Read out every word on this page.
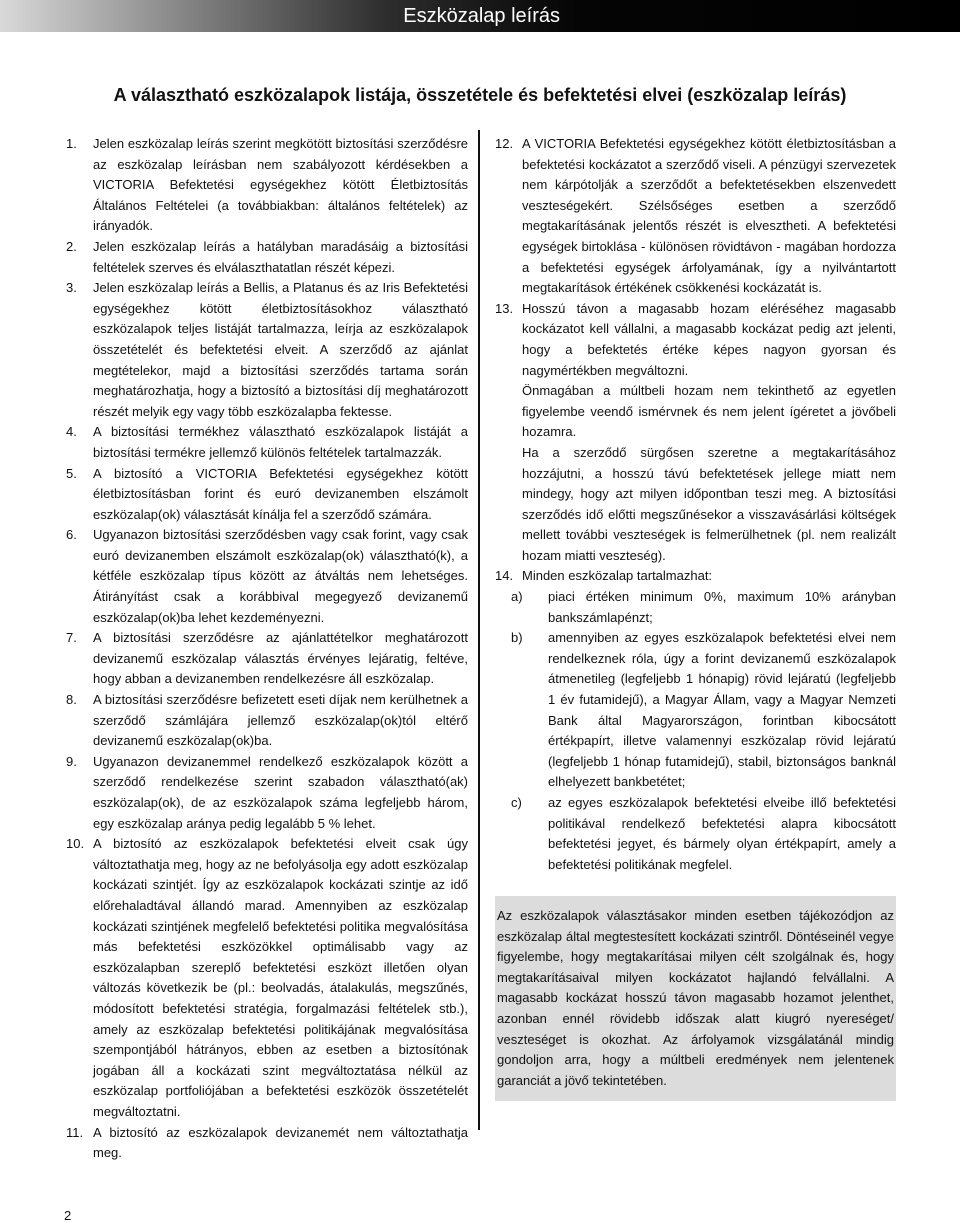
Eszközalap leírás
A választható eszközalapok listája, összetétele és befektetési elvei (eszközalap leírás)
1.	Jelen eszközalap leírás szerint megkötött biztosítási szerződésre az eszközalap leírásban nem szabályozott kérdésekben a VICTORIA Befektetési egységekhez kötött Életbiztosítás Általános Feltételei (a továbbiakban: általános feltételek) az irányadók.
2.	Jelen eszközalap leírás a hatályban maradásáig a biztosítási feltételek szerves és elválaszthatatlan részét képezi.
3.	Jelen eszközalap leírás a Bellis, a Platanus és az Iris Befektetési egységekhez kötött életbiztosításokhoz választható eszközalapok teljes listáját tartalmazza, leírja az eszközalapok összetételét és befektetési elveit. A szerződő az ajánlat megtételekor, majd a biztosítási szerződés tartama során meghatározhatja, hogy a biztosító a biztosítási díj meghatározott részét melyik egy vagy több eszközalapba fektesse.
4.	A biztosítási termékhez választható eszközalapok listáját a biztosítási termékre jellemző különös feltételek tartalmazzák.
5.	A biztosító a VICTORIA Befektetési egységekhez kötött életbiztosításban forint és euró devizanemben elszámolt eszközalap(ok) választását kínálja fel a szerződő számára.
6.	Ugyanazon biztosítási szerződésben vagy csak forint, vagy csak euró devizanemben elszámolt eszközalap(ok) választható(k), a kétféle eszközalap típus között az átváltás nem lehetséges. Átirányítást csak a korábbival megegyező devizanemű eszközalap(ok)ba lehet kezdeményezni.
7.	A biztosítási szerződésre az ajánlattételkor meghatározott devizanemű eszközalap választás érvényes lejáratig, feltéve, hogy abban a devizanemben rendelkezésre áll eszközalap.
8.	A biztosítási szerződésre befizetett eseti díjak nem kerülhetnek a szerződő számlájára jellemző eszközalap(ok)tól eltérő devizanemű eszközalap(ok)ba.
9.	Ugyanazon devizanemmel rendelkező eszközalapok között a szerződő rendelkezése szerint szabadon választható(ak) eszközalap(ok), de az eszközalapok száma legfeljebb három, egy eszközalap aránya pedig legalább 5 % lehet.
10. A biztosító az eszközalapok befektetési elveit csak úgy változtathatja meg, hogy az ne befolyásolja egy adott eszközalap kockázati szintjét. Így az eszközalapok kockázati szintje az idő előrehaladtával állandó marad. Amennyiben az eszközalap kockázati szintjének megfelelő befektetési politika megvalósítása más befektetési eszközökkel optimálisabb vagy az eszközalapban szereplő befektetési eszközt illetően olyan változás következik be (pl.: beolvadás, átalakulás, megszűnés, módosított befektetési stratégia, forgalmazási feltételek stb.), amely az eszközalap befektetési politikájának megvalósítása szempontjából hátrányos, ebben az esetben a biztosítónak jogában áll a kockázati szint megváltoztatása nélkül az eszközalap portfoliójában a befektetési eszközök összetételét megváltoztatni.
11. A biztosító az eszközalapok devizanemét nem változtathatja meg.
12. A VICTORIA Befektetési egységekhez kötött életbiztosításban a befektetési kockázatot a szerződő viseli. A pénzügyi szervezetek nem kárpótolják a szerződőt a befektetésekben elszenvedett veszteségekért. Szélsőséges esetben a szerződő megtakarításának jelentős részét is elvesztheti. A befektetési egységek birtoklása - különösen rövidtávon - magában hordozza a befektetési egységek árfolyamának, így a nyilvántartott megtakarítások értékének csökkenési kockázatát is.
13. Hosszú távon a magasabb hozam eléréséhez magasabb kockázatot kell vállalni, a magasabb kockázat pedig azt jelenti, hogy a befektetés értéke képes nagyon gyorsan és nagymértékben megváltozni.

Önmagában a múltbeli hozam nem tekinthető az egyetlen figyelembe veendő ismérvnek és nem jelent ígéretet a jövőbeli hozamra.

Ha a szerződő sürgősen szeretne a megtakarításához hozzájutni, a hosszú távú befektetések jellege miatt nem mindegy, hogy azt milyen időpontban teszi meg. A biztosítási szerződés idő előtti megszűnésekor a visszavásárlási költségek mellett további veszteségek is felmerülhetnek (pl. nem realizált hozam miatti veszteség).

14. Minden eszközalap tartalmazhat:
a)	piaci értéken minimum 0%, maximum 10% arányban bankszámlapénzt;
b)	amennyiben az egyes eszközalapok befektetési elvei nem rendelkeznek róla, úgy a forint devizanemű eszközalapok átmenetileg (legfeljebb 1 hónapig) rövid lejáratú (legfeljebb 1 év futamidejű), a Magyar Állam, vagy a Magyar Nemzeti Bank által Magyarországon, forintban kibocsátott értékpapírt, illetve valamennyi eszközalap rövid lejáratú (legfeljebb 1 hónap futamidejű), stabil, biztonságos banknál elhelyezett bankbetétet;
c)	az egyes eszközalapok befektetési elveibe illő befektetési politikával rendelkező befektetési alapra kibocsátott befektetési jegyet, és bármely olyan értékpapírt, amely a befektetési politikának megfelel.
Az eszközalapok választásakor minden esetben tájékozódjon az eszközalap által megtestesített kockázati szintről. Döntéseinél vegye figyelembe, hogy megtakarításai milyen célt szolgálnak és, hogy megtakarításaival milyen kockázatot hajlandó felvállalni. A magasabb kockázat hosszú távon magasabb hozamot jelenthet, azonban ennél rövidebb időszak alatt kiugró nyereséget/ veszteséget is okozhat. Az árfolyamok vizsgálatánál mindig gondoljon arra, hogy a múltbeli eredmények nem jelentenek garanciát a jövő tekintetében.
2
